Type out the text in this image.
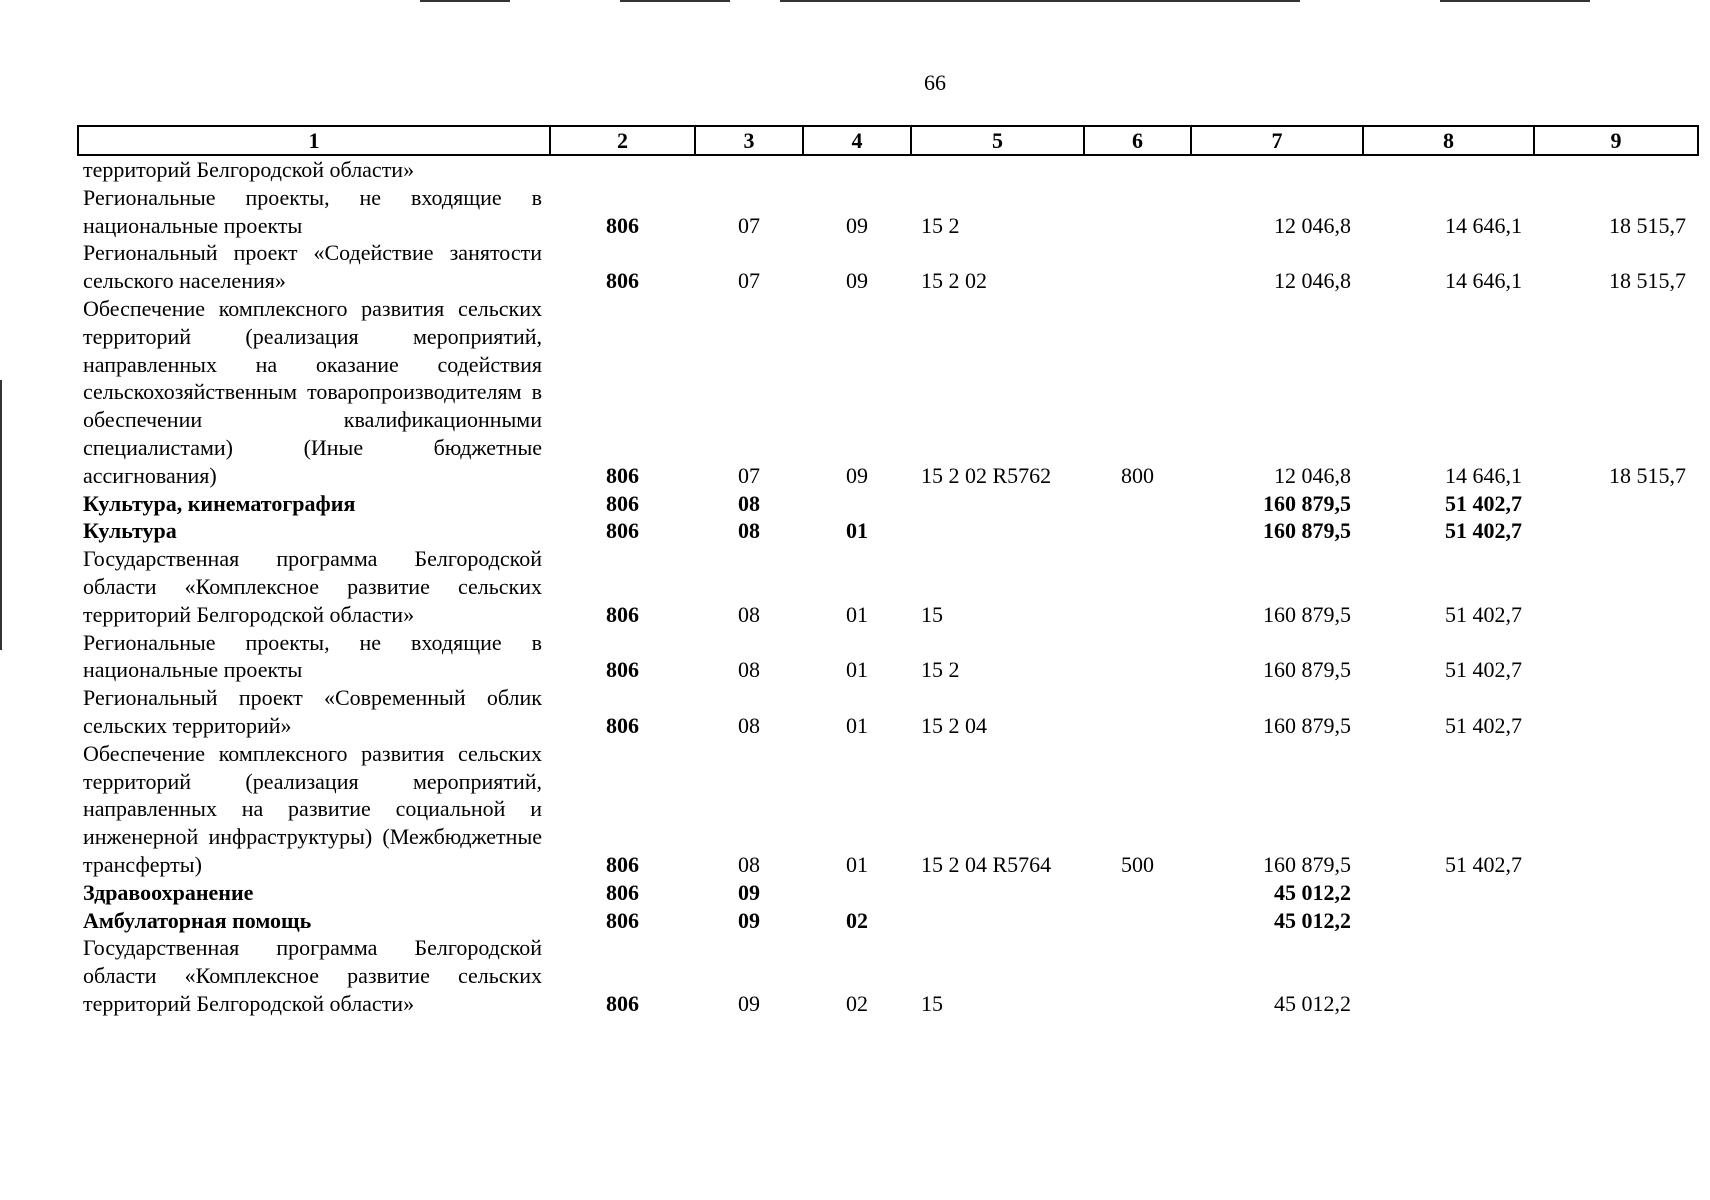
66
1	2	3	4	5	6	7	8	9
территорий Белгородской области»								
Региональные проекты, не входящие в национальные проекты	806	07	09	15 2		12 046,8	14 646,1	18 515,7
Региональный проект «Содействие занятости сельского населения»	806	07	09	15 2 02		12 046,8	14 646,1	18 515,7
Обеспечение комплексного развития сельских территорий (реализация мероприятий, направленных на оказание содействия сельскохозяйственным товаропроизводителям в обеспечении квалификационными специалистами) (Иные бюджетные ассигнования)	806	07	09	15 2 02 R5762	800	12 046,8	14 646,1	18 515,7
Культура, кинематография	806	08				160 879,5	51 402,7	
Культура	806	08	01			160 879,5	51 402,7	
Государственная программа Белгородской области «Комплексное развитие сельских территорий Белгородской области»	806	08	01	15		160 879,5	51 402,7	
Региональные проекты, не входящие в национальные проекты	806	08	01	15 2		160 879,5	51 402,7	
Региональный проект «Современный облик сельских территорий»	806	08	01	15 2 04		160 879,5	51 402,7	
Обеспечение комплексного развития сельских территорий (реализация мероприятий, направленных на развитие социальной и инженерной инфраструктуры) (Межбюджетные трансферты)	806	08	01	15 2 04 R5764	500	160 879,5	51 402,7	
Здравоохранение	806	09				45 012,2		
Амбулаторная помощь	806	09	02			45 012,2		
Государственная программа Белгородской области «Комплексное развитие сельских территорий Белгородской области»	806	09	02	15		45 012,2		
